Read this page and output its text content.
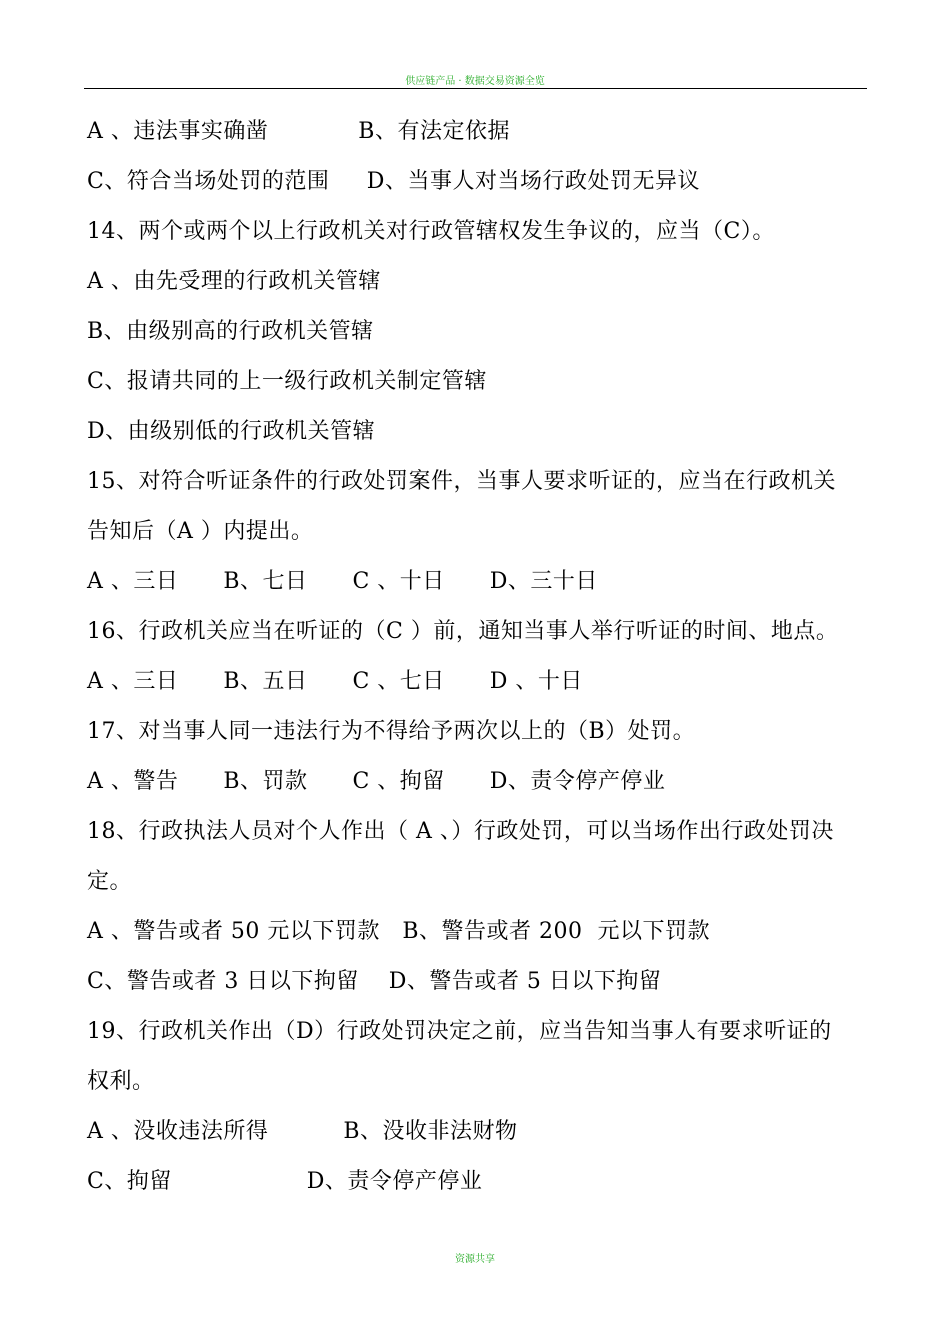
供应链产品 · 数据交易资源全览
A 、违法事实确凿            B、有法定依据
C、符合当场处罚的范围     D、当事人对当场行政处罚无异议
14、两个或两个以上行政机关对行政管辖权发生争议的，应当（C）。
A 、由先受理的行政机关管辖
B、由级别高的行政机关管辖
C、报请共同的上一级行政机关制定管辖
D、由级别低的行政机关管辖
15、对符合听证条件的行政处罚案件，当事人要求听证的，应当在行政机关
告知后（A ）内提出。
A 、三日      B、七日      C 、十日      D、三十日
16、行政机关应当在听证的（C ）前，通知当事人举行听证的时间、地点。
A 、三日      B、五日      C 、七日      D 、十日
17、对当事人同一违法行为不得给予两次以上的（B）处罚。
A 、警告      B、罚款      C 、拘留      D、责令停产停业
18、行政执法人员对个人作出（ A 、）行政处罚，可以当场作出行政处罚决
定。
A 、警告或者 50 元以下罚款   B、警告或者 200  元以下罚款
C、警告或者 3 日以下拘留    D、警告或者 5 日以下拘留
19、行政机关作出（D）行政处罚决定之前，应当告知当事人有要求听证的
权利。
A 、没收违法所得          B、没收非法财物
C、拘留                  D、责令停产停业
资源共享
